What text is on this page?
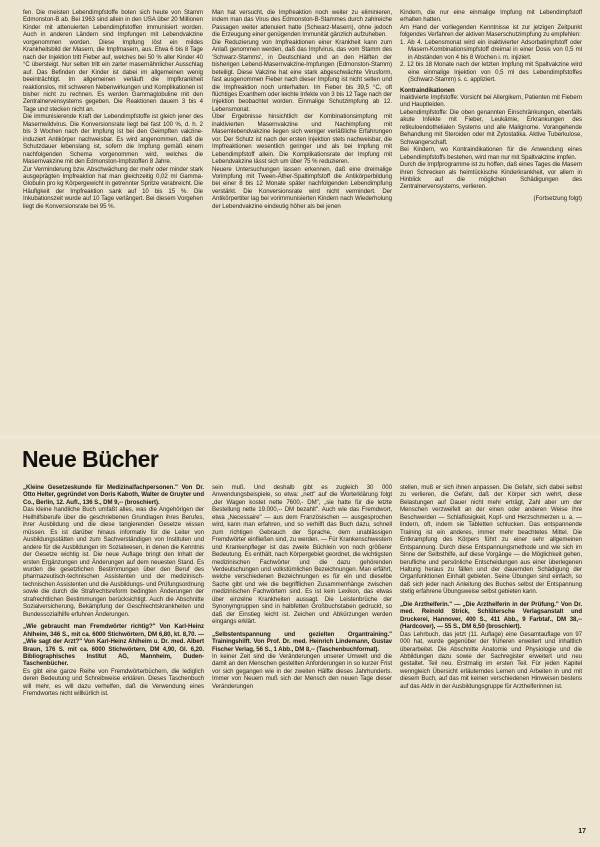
fen. Die meisten Lebendimpfstoffe boten sich heute von Stamm Edmonston-B ab. Bei 1963 sind allein in den USA über 20 Millionen Kinder mit attenuierten Lebendimpfstoffen immunisiert worden. Auch in anderen Ländern sind Impfungen mit Lebendvakzine vorgenommen worden. Diese Impfung löst ein mildes Krankheitsbild der Masern, die Impfmasern, aus. Etwa 6 bis 8 Tage nach der Injektion tritt Fieber auf, welches bei 50 % aller Kinder 40 °C übersteigt. Nur selten tritt ein zarter masernähnlicher Ausschlag auf. Das Befinden der Kinder ist dabei im allgemeinen wenig beeinträchtigt. Im allgemeinen verläuft die Impfkrankheit reaktionslos, mit schweren Nebenwirkungen und Komplikationen ist bisher nicht zu rechnen. Es werden Gammaglobuline mit den Zentralnervensystems gegeben. Die Reaktionen dauern 3 bis 4 Tage und stecken nicht an.

Die immunisierende Kraft der Lebendimpfstoffe ist gleich jener des Masernwildvirus. Die Konversionsrate liegt bei fast 100 %, d. h. 2 bis 3 Wochen nach der Impfung ist bei den Geimpften vakzine-induziert Antikörper nachweisbar. Es wird angenommen, daß die Schutzdauer lebenslang ist, sofern die Impfung gemäß einem nachfolgenden Schema vorgenommen wird, welches die Masernvakzine mit den Edmonston-Impfstoffen 8 Jahre.

Zur Verminderung bzw. Abschwächung der mehr oder minder stark ausgeprägten Impfreaktion hat man gleichzeitig 0,02 ml Gamma-Globulin pro kg Körpergewicht in getrennter Spritze verabreicht. Die Häufigkeit der Impfreaktion sank auf 10 bis 15 %. Die Inkubationszeit wurde auf 10 Tage verlängert. Bei diesem Vorgehen liegt die Konversionsrate bei 95 %.

Man hat versucht, die Impfreaktion noch weiter zu eliminieren, indem man das Virus des Edmonston-B-Stammes durch zahlreiche Passagen weiter attenuiert hatte (Schwarz-Masern), ohne jedoch die Erzeugung einer genügenden Immunität gänzlich aufzuheben.

Die Reduzierung von Impfreaktionen einer Krankheit kann zum Anlaß genommen werden, daß das Impfvirus, das vom Stamm des 'Schwarz-Stamms', in Deutschland und an den Hälften der bisherigen Lebend-Masernvakzine-Impfungen (Edmonston-Stamm) beteiligt. Diese Vakzine hat eine stark abgeschwächte Virusform, fast ausgenommen Fieber nach dieser Impfung ist nicht selten und die Impfreaktion noch unterhalten. Im Fieber bis 39,5 °C, oft flüchtiges Exanthem oder leichte Infekte von 3 bis 12 Tage nach der Injektion beobachtet worden. Einmalige Schutzimpfung ab 12. Lebensmonat.

Über Ergebnisse hinsichtlich der Kombinationsimpfung mit inaktivierten Masernvakzine und Nachimpfung mit Masernlebendvakzine liegen sich weniger verläßliche Erfahrungen vor. Der Schutz ist nach der ersten Injektion stets nachweisbar, die Impfreaktionen wesentlich geringer und als bei Impfung mit Lebendimpfstoff allein. Die Komplikationsrate der Impfung mit Lebendvakzine lässt sich um über 75 % reduzieren.

Neuere Untersuchungen lassen erkennen, daß eine dreimalige Vorimpfung mit Tween-Äther-Spaltimpfstoff die Antikörperbildung bei einer 8 bis 12 Monate später nachfolgenden Lebendimpfung verstärkt. Die Konversionsrate wird nicht vermindert. Der Antikörpertiter lag bei vorimmunisierten Kindern nach Wiederholung der Lebendvakzine eindeutig höher als bei jenen

Kindern, die nur eine einmalige Impfung mit Lebendimpfstoff erhalten hatten.

Am Hand der vorliegenden Kenntnisse ist zur jetzigen Zeitpunkt folgendes Verfahren der aktiven Maserschutzimpfung zu empfehlen:

1. Ab 4. Lebensmonat wird ein inaktivierter Adsorbatimpfstoff oder Masern-Kombinationsimpfstoff dreimal in einer Dosis von 0,5 ml in Abständen von 4 bis 8 Wochen i. m. injiziert.

2. 12 bis 18 Monate nach der letzten Impfung mit Spaltvakzine wird eine einmalige Injektion von 0,5 ml des Lebendimpfstoffes (Schwarz-Stamm) s. c. appliziert.

Kontraindikationen

Inaktivierte Impfstoffe: Vorsicht bei Allergikern, Patienten mit Fiebern und Hauptleiden.

Lebendimpfstoffe: Die oben genannten Einschränkungen, ebenfalls akute Infekte mit Fieber, Leukämie, Erkrankungen des retikuloendothelialen Systems und alle Malignome. Vorangehende Behandlung mit Steroiden oder mit Zytostatika. Aktive Tuberkulose, Schwangerschaft.

Bei Kindern, wo Kontraindikationen für die Anwendung eines Lebendimpfstoffs bestehen, wird man nur mit Spaltvakzine impfen.

Durch die Impfprogramme ist zu hoffen, daß eines Tages die Masern ihren Schrecken als heimtückische Kinderkrankheit, vor allem in Hinblick auf die möglichen Schädigungen des Zentralnervensystems, verlieren.

(Fortsetzung folgt)

Neue Bücher

„Kleine Gesetzeskunde für Medizinalfachpersonen." Von Dr. Otto Helter, gegründet von Doris Kaboth, Walter de Gruyter und Co., Berlin, 12. Aufl., 136 S., DM 9,-- (broschiert).

Das kleine handliche Buch umfaßt alles, was die Angehörigen der Heilhilfsberufe über die geschriebenen Grundlagen ihres Berufes, ihrer Ausbildung und die diese tangierenden Gesetze wissen müssen. Es ist darüber hinaus informativ für die Leiter von Ausbildungsstätten und zum Sachverständigen von Instituten und andere für die Ausbildungen im Sozialwesen, in denen die Kenntnis der Gesetze wichtig ist. Die neue Auflage bringt den Inhalt der ersten Ergänzungen und Änderungen auf dem neuesten Stand. Es wurden die gesetzlichen Bestimmungen über den Beruf des pharmazeutisch-technischen Assistenten und der medizinisch-technischen Assistenten und die Ausbildungs- und Prüfungsordnung sowie die durch die Strafrechtsreform bedingten Änderungen der strafrechtlichen Bestimmungen berücksichtigt. Auch die Abschnitte Sozialversicherung, Bekämpfung der Geschlechtskrankheiten und Bundessozialhilfe erfuhren Änderungen.

„Wie gebraucht man Fremdwörter richtig?" Von Karl-Heinz Ahlheim, 346 S., mit ca. 6000 Stichwörtern, DM 6,80, kt. 8,70. — „Wie sagt der Arzt?" Von Karl-Heinz Ahlheim u. Dr. med. Albert Braun, 176 S. mit ca. 6000 Stichwörtern, DM 4,90, Gl. 6,20. Bibliographisches Institut AG, Mannheim, Duden-Taschenbücher.

Es gibt eine ganze Reihe von Fremdwörterbüchern, die lediglich deren Bedeutung und Schreibweise erklären. Dieses Taschenbuch will mehr, es will dazu verhelfen, daß die Verwendung eines Fremdwortes nicht willkürlich ist.

sein muß. Und deshalb gibt es zugleich 30 000 Anwendungsbeispiele, so etwa: „nett" auf die Worterklärung folgt „der Wagen kostet nette 7600,- DM", „sie hatte für die letzte Bestellung nette 19.000,-- DM bezahlt". Auch wie das Fremdwort, etwa „Necessaire" — aus dem Französischen — ausgesprochen wird, kann man erfahren, und so verhilft das Buch dazu, schnell zum richtigen Gebrauch der Sprache, dem unablässigen Fremdwörter einfließen sind, zu werden. — Für Krankenschwestern und Krankenpfleger ist das zweite Büchlein von noch größerer Bedeutung. Es enthält, nach Körpergebiet geordnet, die wichtigsten medizinischen Fachwörter und die dazu gehörenden Verdeutschungen und volkstümlichen Bezeichnungen. Man erfährt, welche verschiedenen Bezeichnungen es für ein und dieselbe Sache gibt und wie die begrifflichen Zusammenhänge zwischen medizinischen Fachwörtern sind. Es ist kein Lexikon, das etwas über einzelne Krankheiten aussagt. Die Leistenbrüche der Synonymgruppen sind in halbfetten Großbuchstaben gedruckt, so daß der Einstieg leicht ist. Zeichen und Abkürzungen werden eingangs erklärt.

„Selbstentspannung und gezielten Organtraining." Trainingshilft. Von Prof. Dr. med. Heinrich Lindemann, Gustav Fischer Verlag, 56 S., 1 Abb., DM 8,-- (Taschenbuchformat).

In keiner Zeit sind die Veränderungen unserer Umwelt und die damit an den Menschen gestellten Anforderungen in so kurzer Frist vor sich gegangen wie in der zweiten Hälfte dieses Jahrhunderts. Immer von Neuem muß sich der Mensch den neuen Tage dieser Veränderungen

stellen, muß er sich ihnen anpassen. Die Gefahr, sich dabei selbst zu verlieren, die Gefahr, daß der Körper sich wehrt, diese Belastungen auf Dauer nicht mehr erträgt, Zahl aber um der Menschen verzweifelt an der einen oder anderen Weise ihre Beschwerden — Schlaflosigkeit, Kopf- und Herzschmerzen u. a. — lindern, oft, indem sie Tabletten schlucken. Das entspannende Training ist ein anderes, immer mehr beachtetes Mittel. Die Entkrampfung des Körpers führt zu einer sehr allgemeinen Entspannung. Durch diese Entspannungsmethode und wie sich im Sinne der Selbsthilfe, auf diese Vorgänge — die Möglichkeit gehen, berufliche und persönliche Entscheidungen aus einer überlegenen Haltung heraus zu fällen und der dauernden Schädigung der Organfunktionen Einhalt gebieten. Seine Übungen sind einfach, so daß sich jeder nach Anleitung des Buches selbst der Entspannung stetig erfahrene Übungsweise selbst gebieten kann.

„Die Arzthelferin." — „Die Arzthelferin in der Prüfung." Von Dr. med. Reinold Strick, Schlütersche Verlagsanstalt und Druckerei, Hannover, 400 S., 411 Abb., 9 Farbtaf., DM 38,-- (Hardcover), — 55 S., DM 6,50 (broschiert).

Das Lehrbuch, das jetzt (11. Auflage) eine Gesamtauflage von 97 000 hat, wurde gegenüber der früheren erweitert und inhaltlich überarbeitet. Die Abschnitte Anatomie und Physiologie und die Abbildungen dazu sowie der Sachregister erweitert und neu gestaltet. Teil neu. Erstmalig im ersten Teil. Für jeden Kapitel wenngleich Übersicht erläuterndes Lernen und Arbeiten in und mit diesem Buch, auf das mit keinen verschiedenen Hinweisen bestens auf das Aktiv in der Ausbildungsgruppe für Arzthelferinnen ist.

17
